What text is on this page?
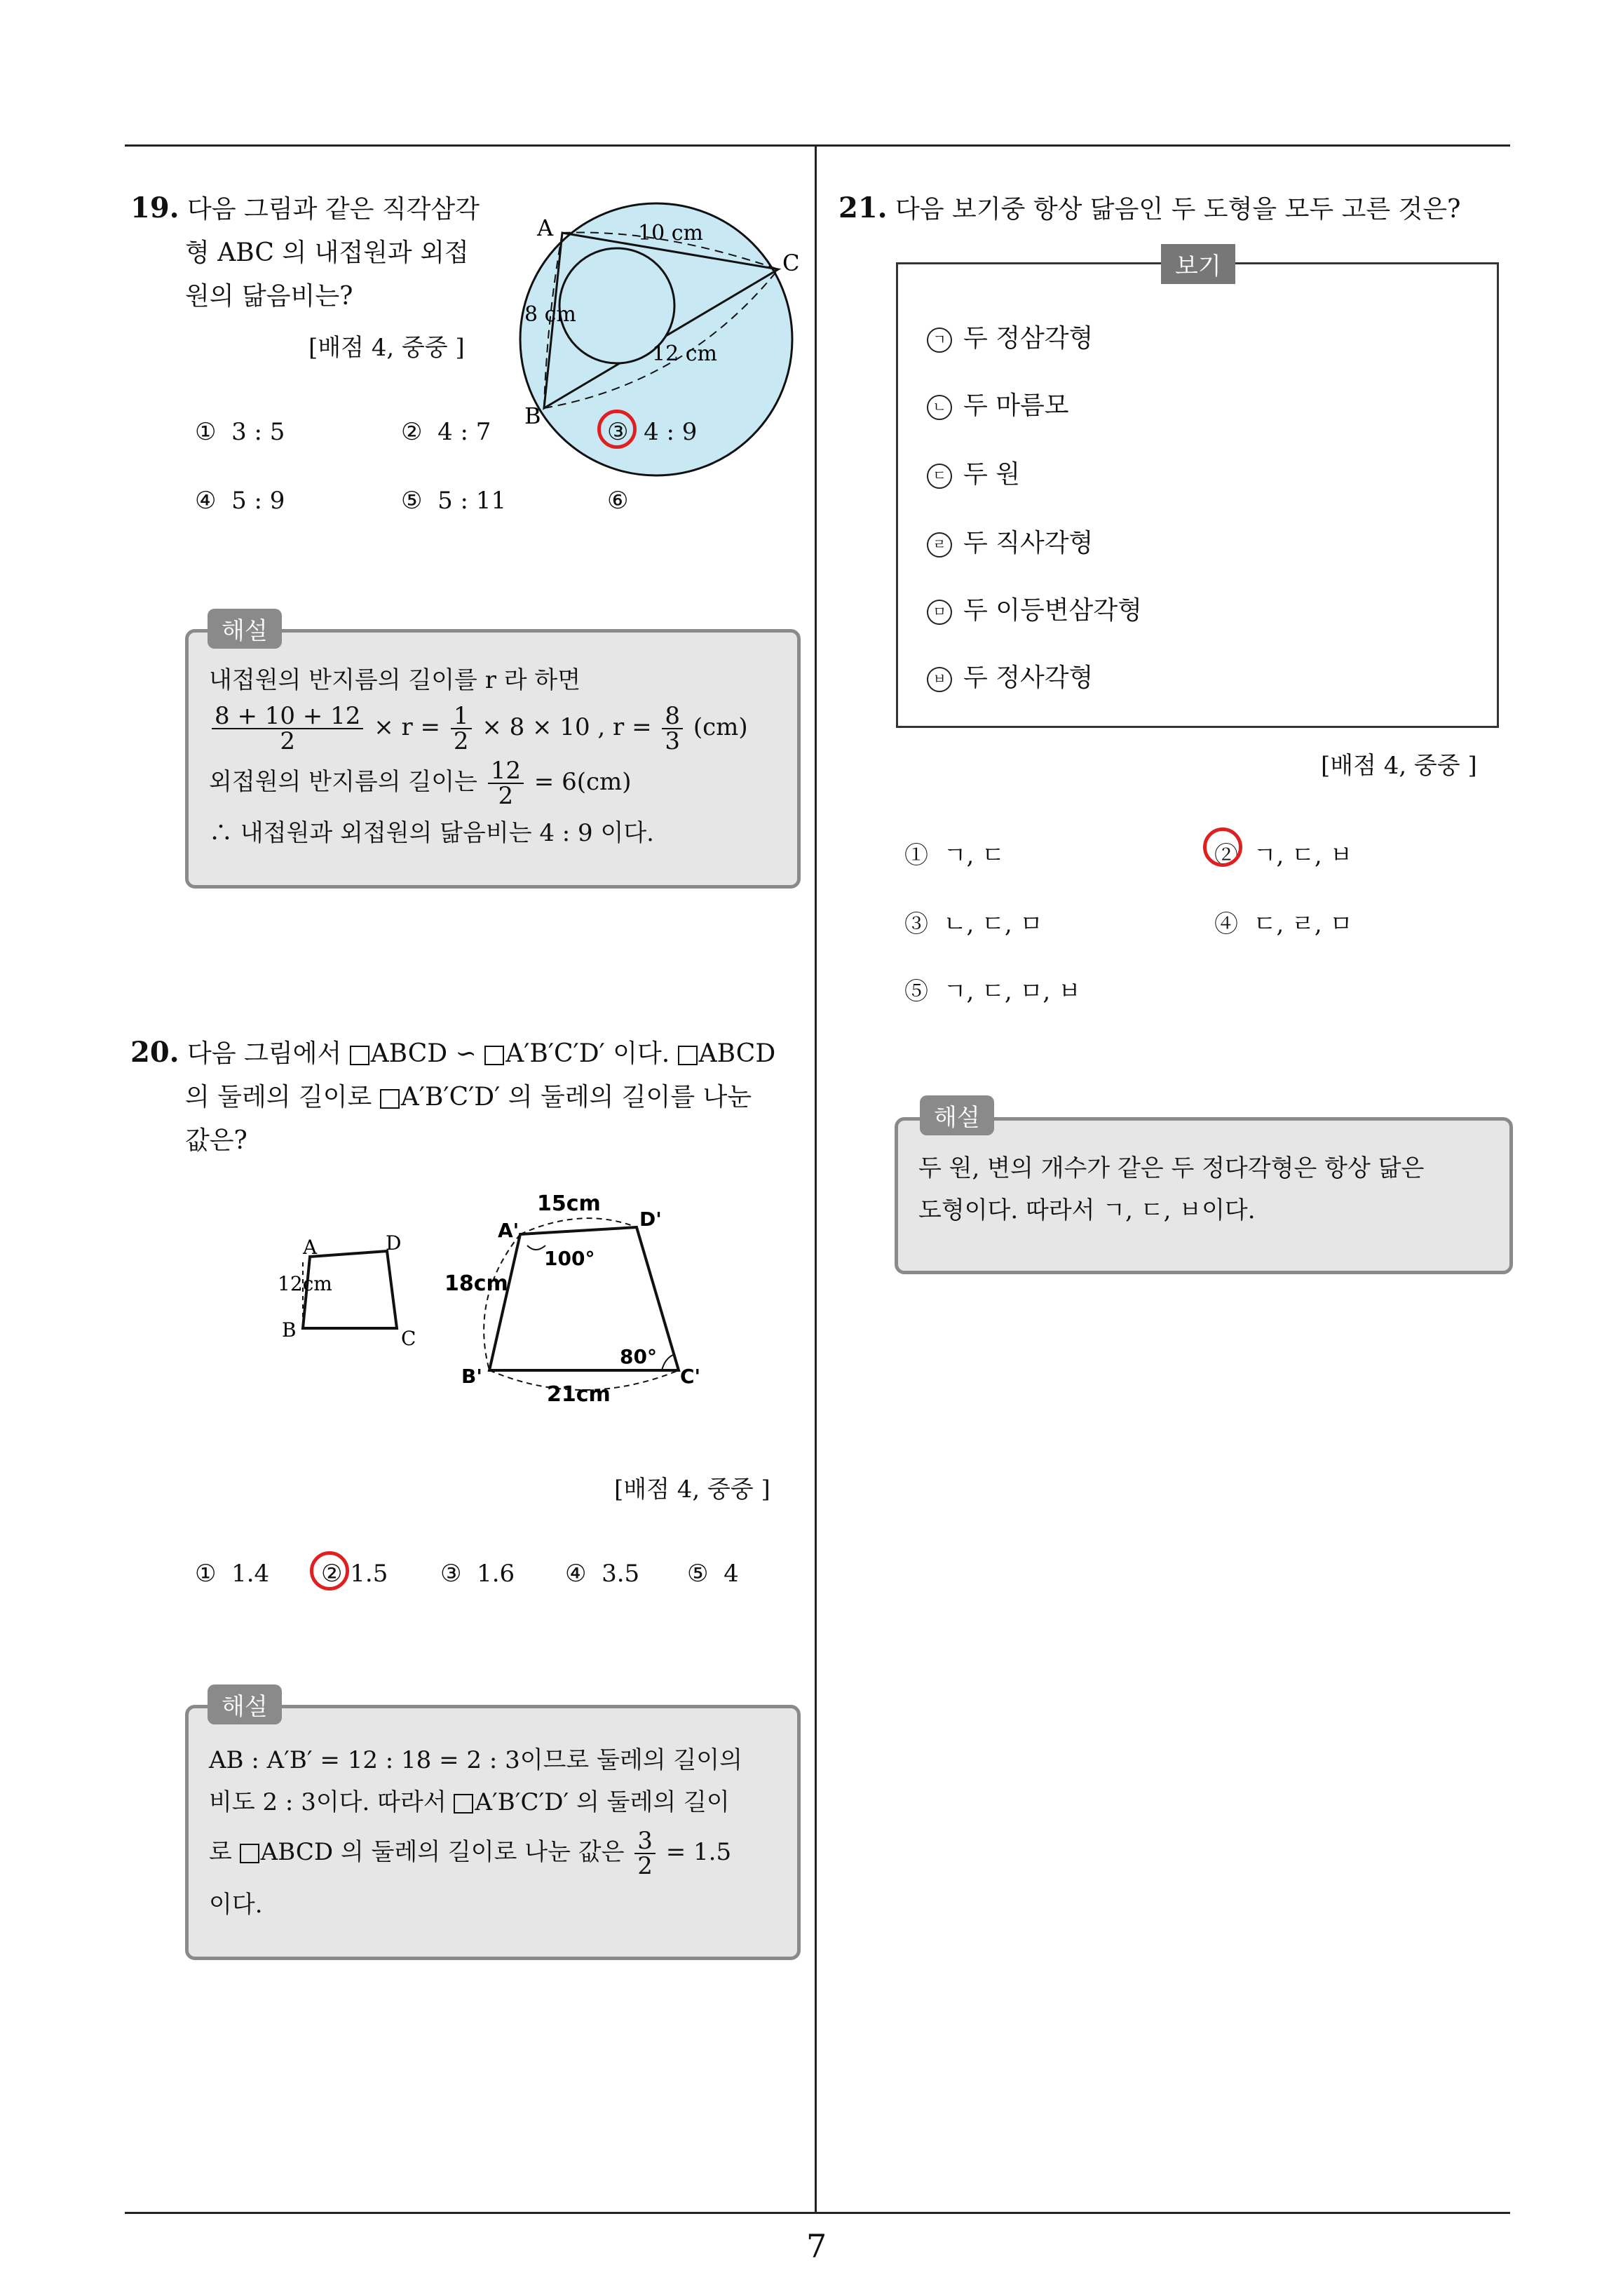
7
19. 다음 그림과 같은 직각삼각
형 ABC 의 내접원과 외접
원의 닮음비는?
[배점 4, 중중 ]
A
C
B
10 cm
8 cm
12 cm
① 3 : 5	② 4 : 7	③ 4 : 9
④ 5 : 9	⑤ 5 : 11	⑥
해설
내접원의 반지름의 길이를 r 라 하면
$\frac{8 + 10 + 12}{2} \times r = \frac{1}{2} \times 8 \times 10$ , $r = \frac{8}{3} (cm)$
외접원의 반지름의 길이는 $\frac{12}{2} = 6(cm)$
∴ 내접원과 외접원의 닮음비는 4 : 9 이다.
20. 다음 그림에서 ABCD ∽ A′B′C′D′ 이다. ABCD
의 둘레의 길이로 A′B′C′D′ 의 둘레의 길이를 나눈
값은?
A	D
B	C
12cm
15cm
A'	D'
100°
18cm
80°
B'	C'
21cm
[배점 4, 중중 ]
① 1.4 ② 1.5 ③ 1.6 ④ 3.5 ⑤ 4
해설
AB : A′B′ = 12 : 18 = 2 : 3이므로 둘레의 길이의
비도 2 : 3이다. 따라서 A′B′C′D′ 의 둘레의 길이
로 ABCD 의 둘레의 길이로 나눈 값은 $\frac{3}{2} = 1.5$
이다.
21. 다음 보기중 항상 닮음인 두 도형을 모두 고른 것은?
보기
ㄱ 두 정삼각형
ㄴ 두 마름모
ㄷ 두 원
ㄹ 두 직사각형
ㅁ 두 이등변삼각형
ㅂ 두 정사각형
[배점 4, 중중 ]
① ㄱ, ㄷ	② ㄱ, ㄷ, ㅂ
③ ㄴ, ㄷ, ㅁ	④ ㄷ, ㄹ, ㅁ
⑤ ㄱ, ㄷ, ㅁ, ㅂ
해설
두 원, 변의 개수가 같은 두 정다각형은 항상 닮은
도형이다. 따라서 ㄱ, ㄷ, ㅂ이다.
